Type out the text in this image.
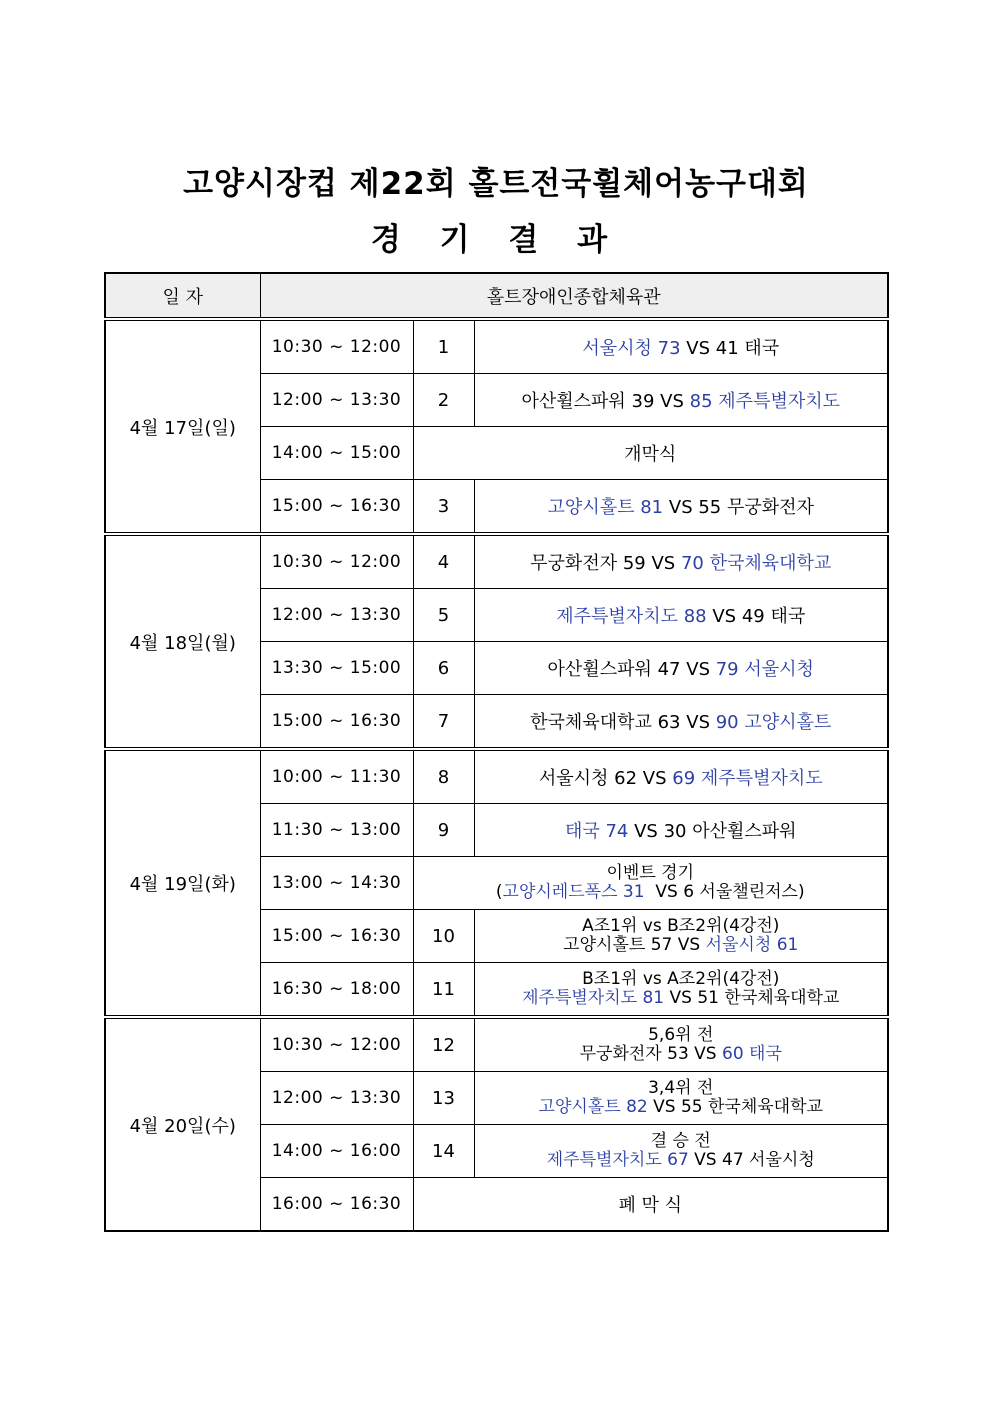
고양시장컵 제22회 홀트전국휠체어농구대회
경 기 결 과
일 자	홀트장애인종합체육관		
4월 17일(일)	10:30 ~ 12:00	1	서울시청 73 VS 41 태국
	12:00 ~ 13:30	2	아산휠스파워 39 VS 85 제주특별자치도
	14:00 ~ 15:00	개막식	
	15:00 ~ 16:30	3	고양시홀트 81 VS 55 무궁화전자
4월 18일(월)	10:30 ~ 12:00	4	무궁화전자 59 VS 70 한국체육대학교
	12:00 ~ 13:30	5	제주특별자치도 88 VS 49 태국
	13:30 ~ 15:00	6	아산휠스파워 47 VS 79 서울시청
	15:00 ~ 16:30	7	한국체육대학교 63 VS 90 고양시홀트
4월 19일(화)	10:00 ~ 11:30	8	서울시청 62 VS 69 제주특별자치도
	11:30 ~ 13:00	9	태국 74 VS 30 아산휠스파워
	13:00 ~ 14:30	이벤트 경기
(고양시레드폭스 31 VS 6 서울챌린저스)	

	15:00 ~ 16:30	10	A조1위 vs B조2위(4강전)
고양시홀트 57 VS 서울시청 61

	16:30 ~ 18:00	11	B조1위 vs A조2위(4강전)
제주특별자치도 81 VS 51 한국체육대학교

4월 20일(수)	10:30 ~ 12:00	12	5,6위 전
무궁화전자 53 VS 60 태국

	12:00 ~ 13:30	13	3,4위 전
고양시홀트 82 VS 55 한국체육대학교

	14:00 ~ 16:00	14	결 승 전
제주특별자치도 67 VS 47 서울시청

	16:00 ~ 16:30	폐 막 식	
